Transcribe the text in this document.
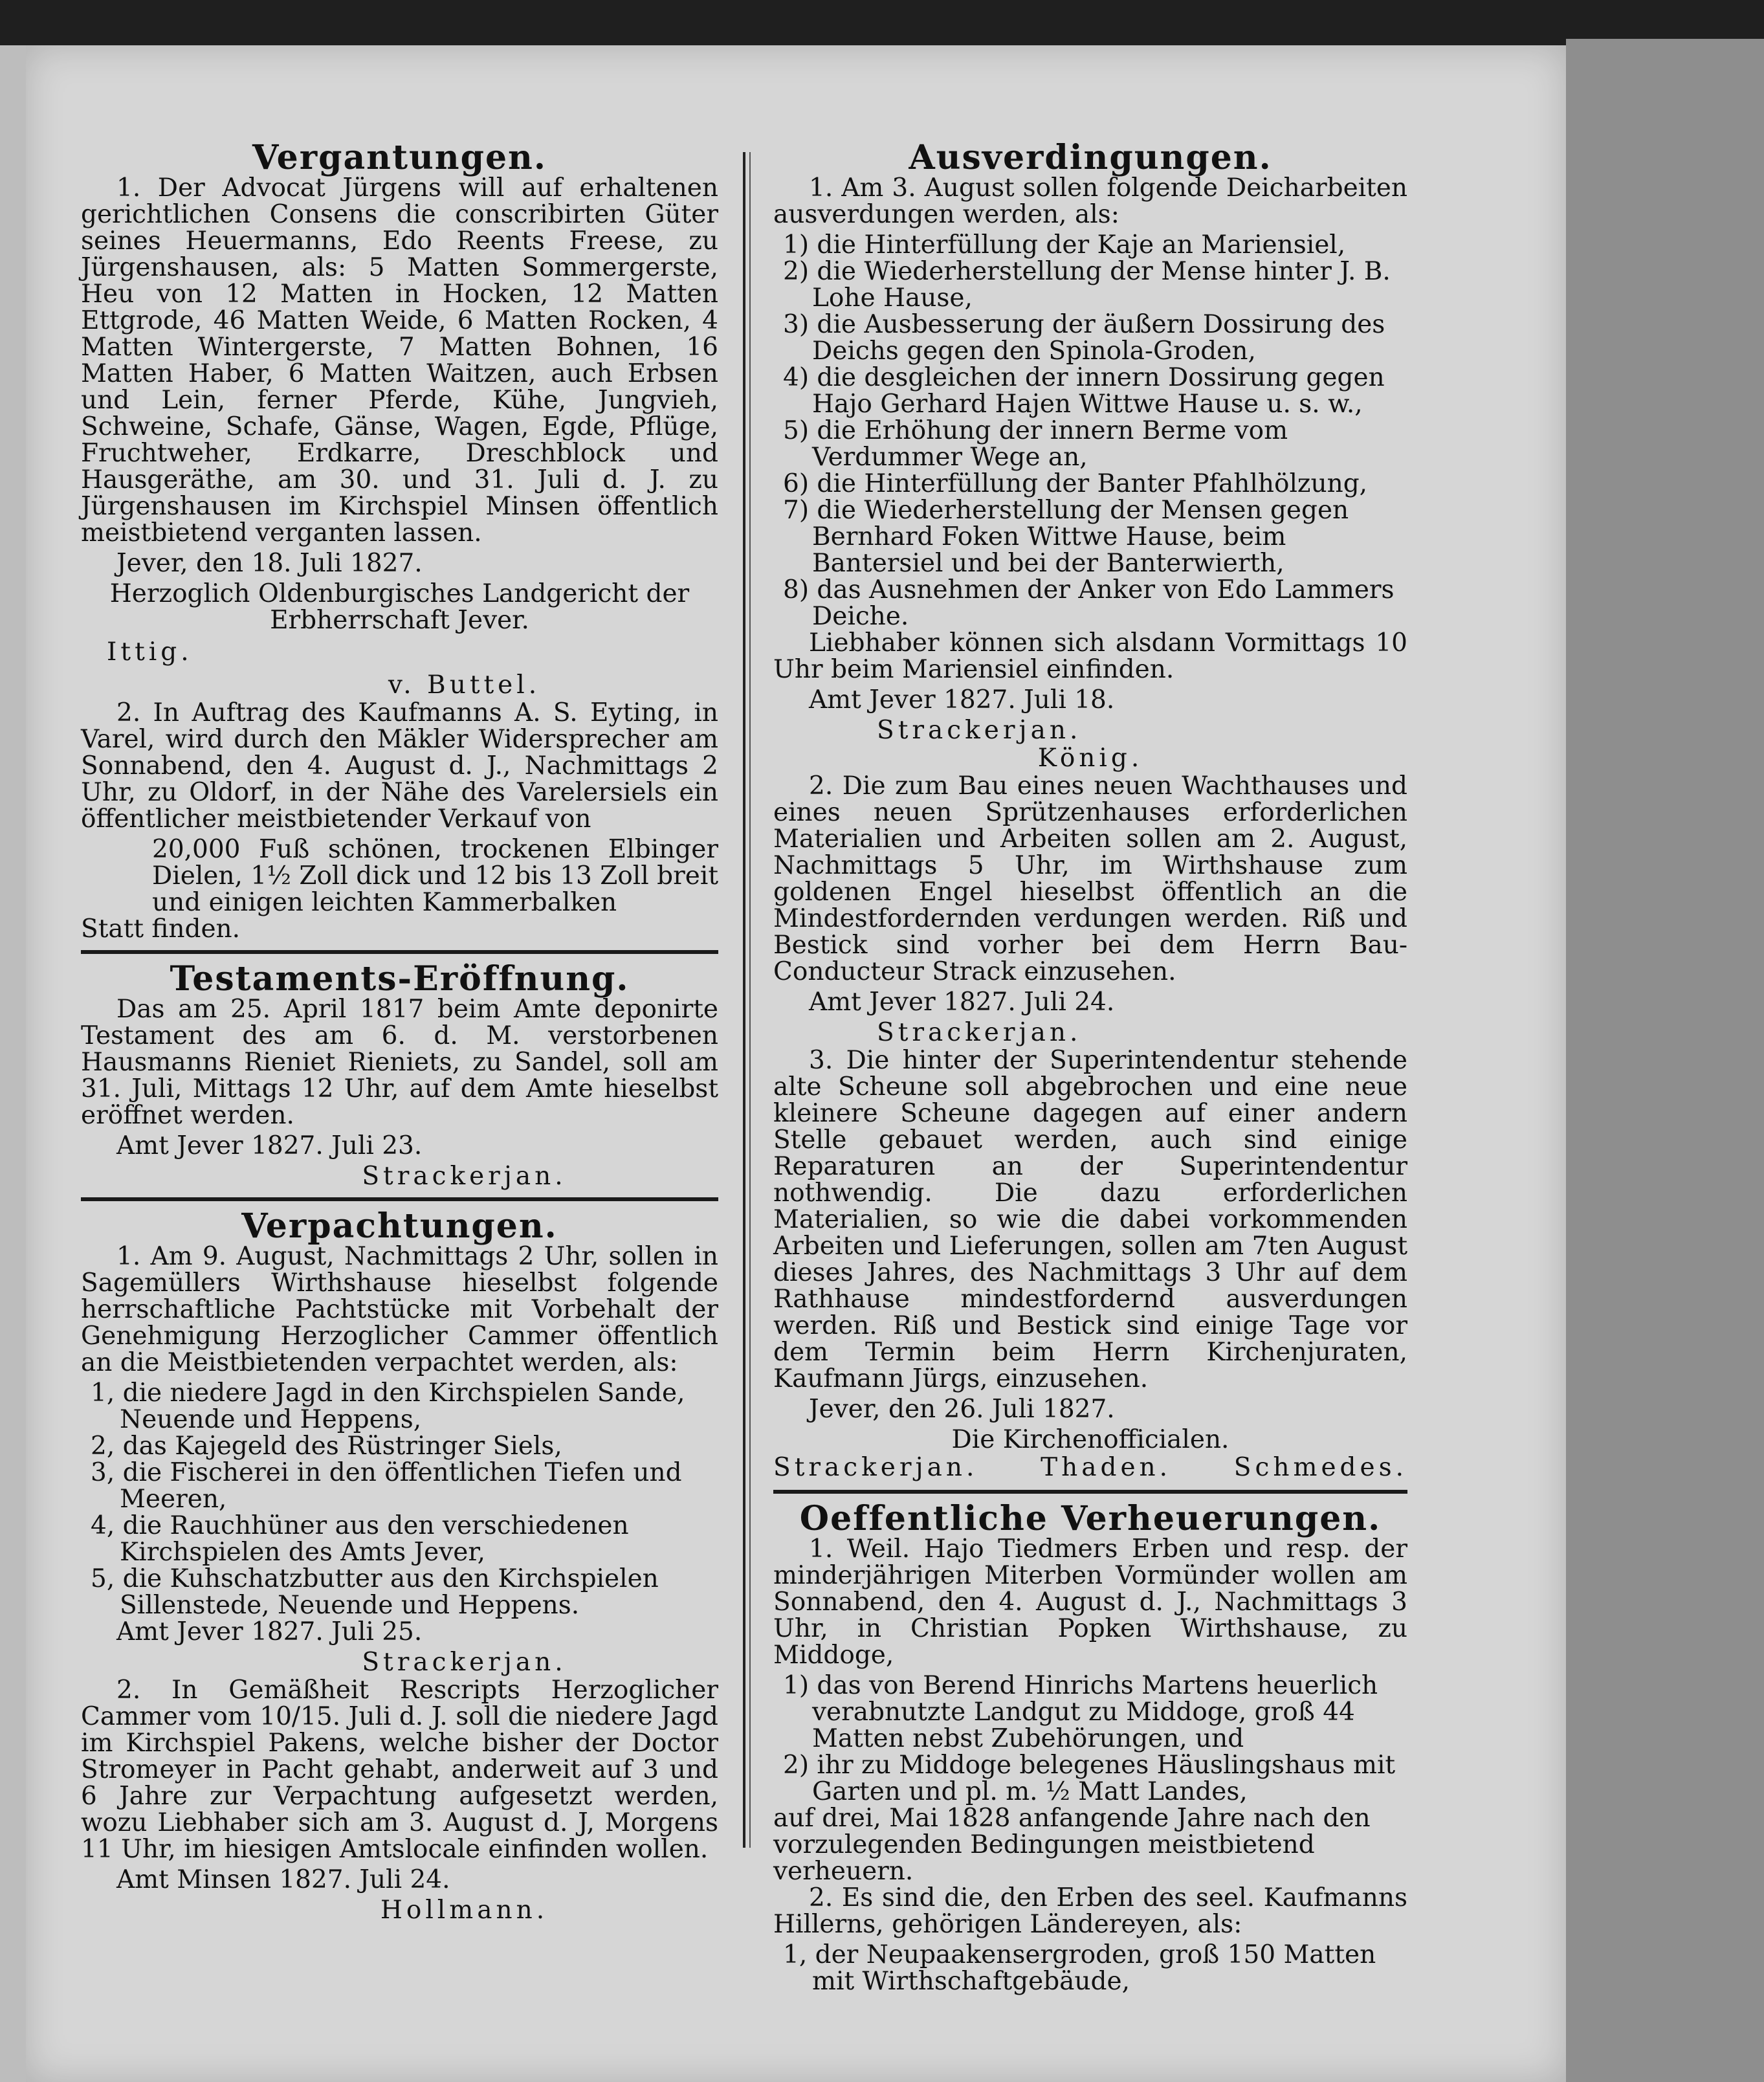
Vergantungen.

1. Der Advocat Jürgens will auf erhaltenen gerichtlichen Consens die conscribirten Güter seines Heuermanns, Edo Reents Freese, zu Jürgenshausen, als: 5 Matten Sommergerste, Heu von 12 Matten in Hocken, 12 Matten Ettgrode, 46 Matten Weide, 6 Matten Rocken, 4 Matten Wintergerste, 7 Matten Bohnen, 16 Matten Haber, 6 Matten Waitzen, auch Erbsen und Lein, ferner Pferde, Kühe, Jungvieh, Schweine, Schafe, Gänse, Wagen, Egde, Pflüge, Fruchtweher, Erdkarre, Dreschblock und Hausgeräthe, am 30. und 31. Juli d. J. zu Jürgenshausen im Kirchspiel Minsen öffentlich meistbietend verganten lassen.

Jever, den 18. Juli 1827.

Herzoglich Oldenburgisches Landgericht der Erbherrschaft Jever.
Ittig.
v. Buttel.

2. In Auftrag des Kaufmanns A. S. Eyting, in Varel, wird durch den Mäkler Widersprecher am Sonnabend, den 4. August d. J., Nachmittags 2 Uhr, zu Oldorf, in der Nähe des Varelersiels ein öffentlicher meistbietender Verkauf von

20,000 Fuß schönen, trockenen Elbinger Dielen, 1½ Zoll dick und 12 bis 13 Zoll breit und einigen leichten Kammerbalken
Statt finden.
Testaments-Eröffnung.

Das am 25. April 1817 beim Amte deponirte Testament des am 6. d. M. verstorbenen Hausmanns Rieniet Rieniets, zu Sandel, soll am 31. Juli, Mittags 12 Uhr, auf dem Amte hieselbst eröffnet werden.

Amt Jever 1827. Juli 23.

Strackerjan.
Verpachtungen.

1. Am 9. August, Nachmittags 2 Uhr, sollen in Sagemüllers Wirthshause hieselbst folgende herrschaftliche Pachtstücke mit Vorbehalt der Genehmigung Herzoglicher Cammer öffentlich an die Meistbietenden verpachtet werden, als:

1, die niedere Jagd in den Kirchspielen Sande, Neuende und Heppens,
2, das Kajegeld des Rüstringer Siels,
3, die Fischerei in den öffentlichen Tiefen und Meeren,
4, die Rauchhüner aus den verschiedenen Kirchspielen des Amts Jever,
5, die Kuhschatzbutter aus den Kirchspielen Sillenstede, Neuende und Heppens.

Amt Jever 1827. Juli 25.

Strackerjan.

2. In Gemäßheit Rescripts Herzoglicher Cammer vom 10/15. Juli d. J. soll die niedere Jagd im Kirchspiel Pakens, welche bisher der Doctor Stromeyer in Pacht gehabt, anderweit auf 3 und 6 Jahre zur Verpachtung aufgesetzt werden, wozu Liebhaber sich am 3. August d. J, Morgens 11 Uhr, im hiesigen Amtslocale einfinden wollen.

Amt Minsen 1827. Juli 24.

Hollmann.
Ausverdingungen.

1. Am 3. August sollen folgende Deicharbeiten ausverdungen werden, als:

1) die Hinterfüllung der Kaje an Mariensiel,
2) die Wiederherstellung der Mense hinter J. B. Lohe Hause,
3) die Ausbesserung der äußern Dossirung des Deichs gegen den Spinola-Groden,
4) die desgleichen der innern Dossirung gegen Hajo Gerhard Hajen Wittwe Hause u. s. w.,
5) die Erhöhung der innern Berme vom Verdummer Wege an,
6) die Hinterfüllung der Banter Pfahlhölzung,
7) die Wiederherstellung der Mensen gegen Bernhard Foken Wittwe Hause, beim Bantersiel und bei der Banterwierth,
8) das Ausnehmen der Anker von Edo Lammers Deiche.

Liebhaber können sich alsdann Vormittags 10 Uhr beim Mariensiel einfinden.

Amt Jever 1827. Juli 18.

Strackerjan.
König.

2. Die zum Bau eines neuen Wachthauses und eines neuen Sprützenhauses erforderlichen Materialien und Arbeiten sollen am 2. August, Nachmittags 5 Uhr, im Wirthshause zum goldenen Engel hieselbst öffentlich an die Mindestfordernden verdungen werden. Riß und Bestick sind vorher bei dem Herrn Bau-Conducteur Strack einzusehen.

Amt Jever 1827. Juli 24.

Strackerjan.

3. Die hinter der Superintendentur stehende alte Scheune soll abgebrochen und eine neue kleinere Scheune dagegen auf einer andern Stelle gebauet werden, auch sind einige Reparaturen an der Superintendentur nothwendig. Die dazu erforderlichen Materialien, so wie die dabei vorkommenden Arbeiten und Lieferungen, sollen am 7ten August dieses Jahres, des Nachmittags 3 Uhr auf dem Rathhause mindestfordernd ausverdungen werden. Riß und Bestick sind einige Tage vor dem Termin beim Herrn Kirchenjuraten, Kaufmann Jürgs, einzusehen.

Jever, den 26. Juli 1827.

Die Kirchenofficialen.
Strackerjan. Thaden. Schmedes.
Oeffentliche Verheuerungen.

1. Weil. Hajo Tiedmers Erben und resp. der minderjährigen Miterben Vormünder wollen am Sonnabend, den 4. August d. J., Nachmittags 3 Uhr, in Christian Popken Wirthshause, zu Middoge,

1) das von Berend Hinrichs Martens heuerlich verabnutzte Landgut zu Middoge, groß 44 Matten nebst Zubehörungen, und
2) ihr zu Middoge belegenes Häuslingshaus mit Garten und pl. m. ½ Matt Landes,
auf drei, Mai 1828 anfangende Jahre nach den vorzulegenden Bedingungen meistbietend verheuern.

2. Es sind die, den Erben des seel. Kaufmanns Hillerns, gehörigen Ländereyen, als:

1, der Neupaakensergroden, groß 150 Matten mit Wirthschaftgebäude,
